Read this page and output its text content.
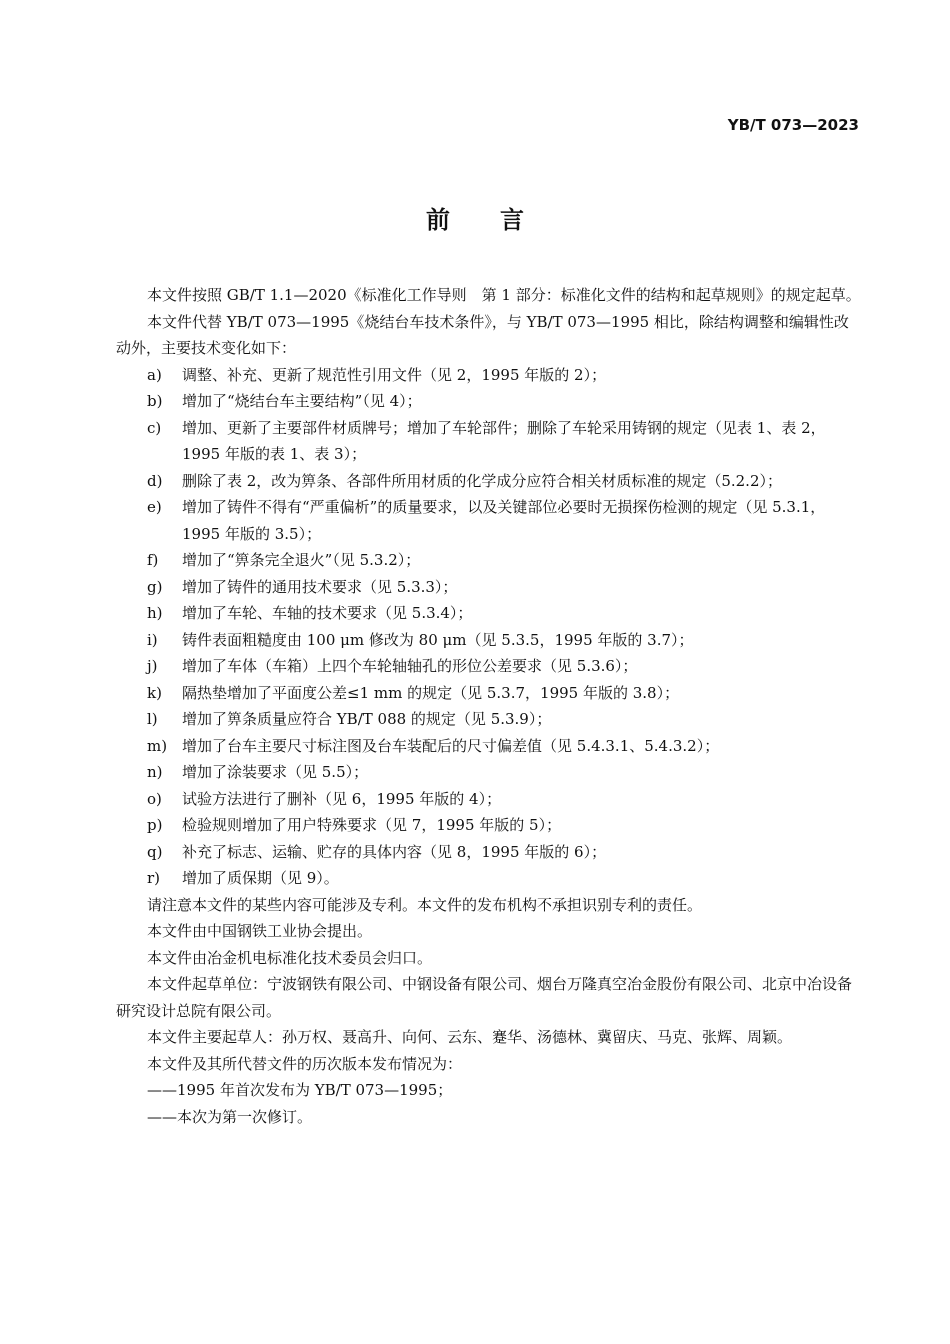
YB/T 073—2023
前言

本文件按照 GB/T 1.1—2020《标准化工作导则　第 1 部分：标准化文件的结构和起草规则》的规定起草。

本文件代替 YB/T 073—1995《烧结台车技术条件》，与 YB/T 073—1995 相比，除结构调整和编辑性改动外，主要技术变化如下：

a)	调整、补充、更新了规范性引用文件（见 2，1995 年版的 2）；
b)	增加了“烧结台车主要结构”（见 4）；
c)	增加、更新了主要部件材质牌号；增加了车轮部件；删除了车轮采用铸钢的规定（见表 1、表 2，1995 年版的表 1、表 3）；
d)	删除了表 2，改为箅条、各部件所用材质的化学成分应符合相关材质标准的规定（5.2.2）；
e)	增加了铸件不得有“严重偏析”的质量要求，以及关键部位必要时无损探伤检测的规定（见 5.3.1，1995 年版的 3.5）；
f)	增加了“箅条完全退火”（见 5.3.2）；
g)	增加了铸件的通用技术要求（见 5.3.3）；
h)	增加了车轮、车轴的技术要求（见 5.3.4）；
i)	铸件表面粗糙度由 100 μm 修改为 80 μm（见 5.3.5，1995 年版的 3.7）；
j)	增加了车体（车箱）上四个车轮轴轴孔的形位公差要求（见 5.3.6）；
k)	隔热垫增加了平面度公差≤1 mm 的规定（见 5.3.7，1995 年版的 3.8）；
l)	增加了箅条质量应符合 YB/T 088 的规定（见 5.3.9）；
m) 增加了台车主要尺寸标注图及台车装配后的尺寸偏差值（见 5.4.3.1、5.4.3.2）；
n)	增加了涂装要求（见 5.5）；
o)	试验方法进行了删补（见 6，1995 年版的 4）；
p)	检验规则增加了用户特殊要求（见 7，1995 年版的 5）；
q)	补充了标志、运输、贮存的具体内容（见 8，1995 年版的 6）；
r)	增加了质保期（见 9）。

请注意本文件的某些内容可能涉及专利。本文件的发布机构不承担识别专利的责任。

本文件由中国钢铁工业协会提出。

本文件由冶金机电标准化技术委员会归口。

本文件起草单位：宁波钢铁有限公司、中钢设备有限公司、烟台万隆真空冶金股份有限公司、北京中冶设备研究设计总院有限公司。

本文件主要起草人：孙万权、聂高升、向何、云东、蹇华、汤德林、冀留庆、马克、张辉、周颖。

本文件及其所代替文件的历次版本发布情况为：

——1995 年首次发布为 YB/T 073—1995；

——本次为第一次修订。
